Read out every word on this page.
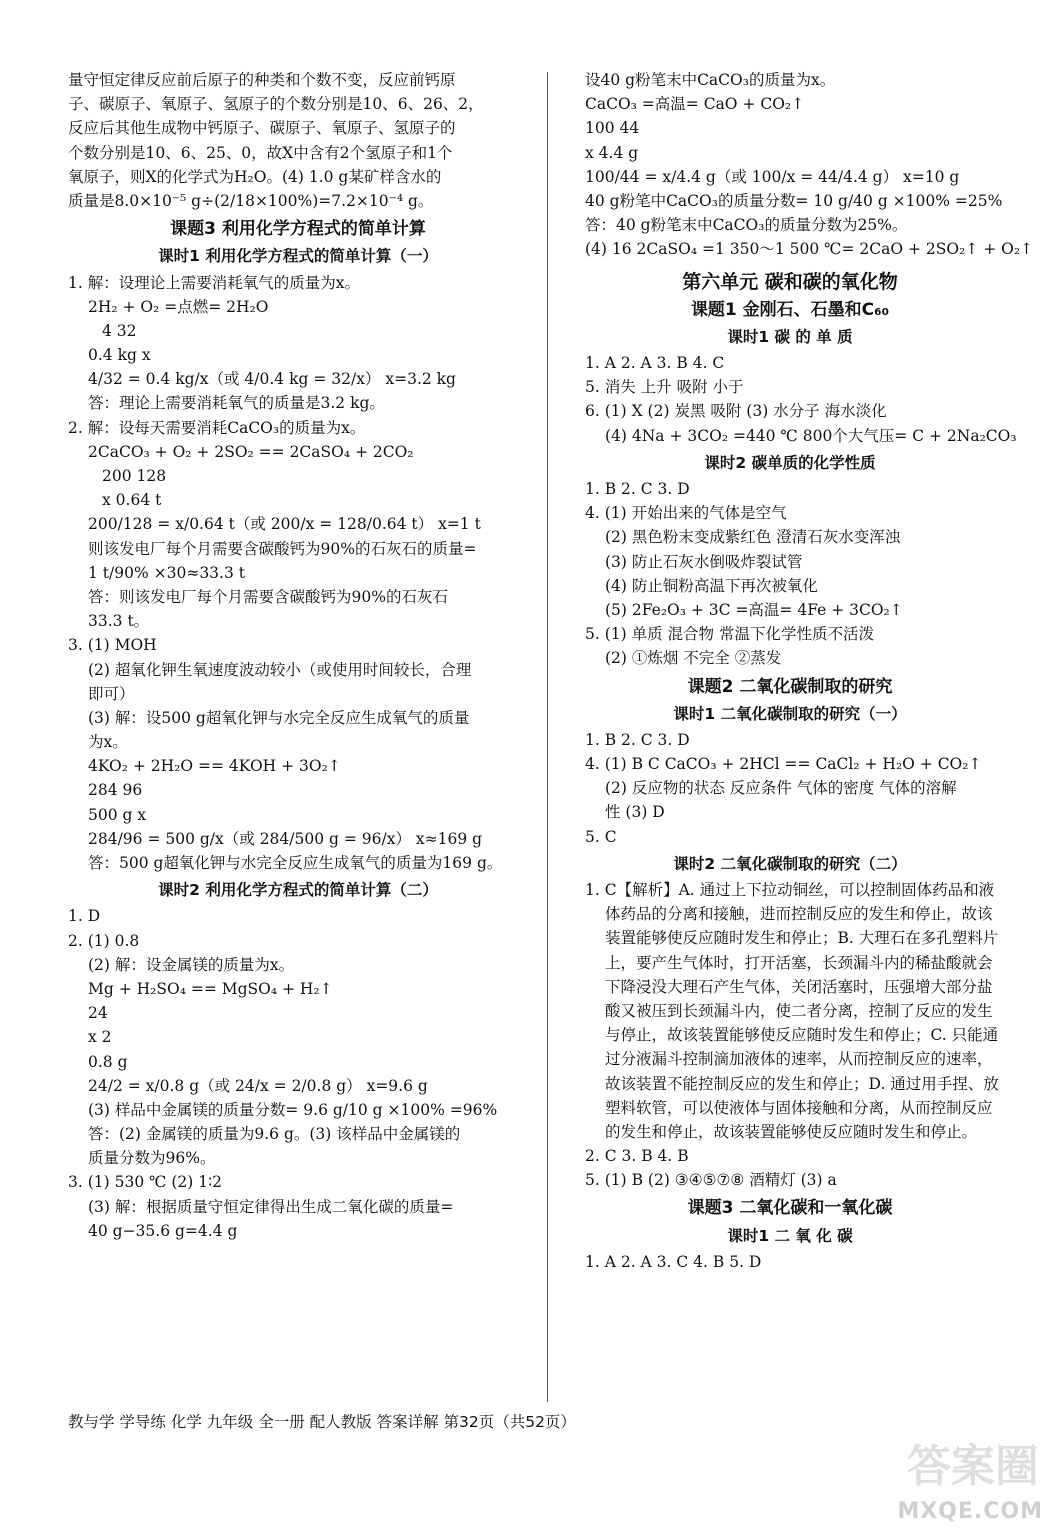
量守恒定律反应前后原子的种类和个数不变，反应前钙原
子、碳原子、氧原子、氢原子的个数分别是10、6、26、2，
反应后其他生成物中钙原子、碳原子、氧原子、氢原子的
个数分别是10、6、25、0，故X中含有2个氢原子和1个
氧原子，则X的化学式为H₂O。(4) 1.0 g某矿样含水的
质量是8.0×10⁻⁵ g÷(2/18×100%)=7.2×10⁻⁴ g。
课题3 利用化学方程式的简单计算
课时1 利用化学方程式的简单计算（一）
1. 解：设理论上需要消耗氧气的质量为x。
2H₂ + O₂ =点燃= 2H₂O
4 32
0.4 kg x
4/32 = 0.4 kg/x（或 4/0.4 kg = 32/x） x=3.2 kg
答：理论上需要消耗氧气的质量是3.2 kg。
2. 解：设每天需要消耗CaCO₃的质量为x。
2CaCO₃ + O₂ + 2SO₂ == 2CaSO₄ + 2CO₂
200 128
x 0.64 t
200/128 = x/0.64 t（或 200/x = 128/0.64 t） x=1 t
则该发电厂每个月需要含碳酸钙为90%的石灰石的质量=
1 t/90% ×30≈33.3 t
答：则该发电厂每个月需要含碳酸钙为90%的石灰石
33.3 t。
3. (1) MOH
(2) 超氧化钾生氧速度波动较小（或使用时间较长，合理
即可）
(3) 解：设500 g超氧化钾与水完全反应生成氧气的质量
为x。
4KO₂ + 2H₂O == 4KOH + 3O₂↑
284 96
500 g x
284/96 = 500 g/x（或 284/500 g = 96/x） x≈169 g
答：500 g超氧化钾与水完全反应生成氧气的质量为169 g。
课时2 利用化学方程式的简单计算（二）
1. D
2. (1) 0.8
(2) 解：设金属镁的质量为x。
Mg + H₂SO₄ == MgSO₄ + H₂↑
24
x 2
0.8 g
24/2 = x/0.8 g（或 24/x = 2/0.8 g） x=9.6 g
(3) 样品中金属镁的质量分数= 9.6 g/10 g ×100% =96%
答：(2) 金属镁的质量为9.6 g。(3) 该样品中金属镁的
质量分数为96%。
3. (1) 530 ℃ (2) 1∶2
(3) 解：根据质量守恒定律得出生成二氧化碳的质量=
40 g−35.6 g=4.4 g
设40 g粉笔末中CaCO₃的质量为x。
CaCO₃ =高温= CaO + CO₂↑
100 44
x 4.4 g
100/44 = x/4.4 g（或 100/x = 44/4.4 g） x=10 g
40 g粉笔中CaCO₃的质量分数= 10 g/40 g ×100% =25%
答：40 g粉笔末中CaCO₃的质量分数为25%。
(4) 16 2CaSO₄ =1 350～1 500 ℃= 2CaO + 2SO₂↑ + O₂↑
第六单元 碳和碳的氧化物
课题1 金刚石、石墨和C₆₀
课时1 碳 的 单 质
1. A 2. A 3. B 4. C
5. 消失 上升 吸附 小于
6. (1) X (2) 炭黑 吸附 (3) 水分子 海水淡化
(4) 4Na + 3CO₂ =440 ℃ 800个大气压= C + 2Na₂CO₃
课时2 碳单质的化学性质
1. B 2. C 3. D
4. (1) 开始出来的气体是空气
(2) 黑色粉末变成紫红色 澄清石灰水变浑浊
(3) 防止石灰水倒吸炸裂试管
(4) 防止铜粉高温下再次被氧化
(5) 2Fe₂O₃ + 3C =高温= 4Fe + 3CO₂↑
5. (1) 单质 混合物 常温下化学性质不活泼
(2) ①炼烟 不完全 ②蒸发
课题2 二氧化碳制取的研究
课时1 二氧化碳制取的研究（一）
1. B 2. C 3. D
4. (1) B C CaCO₃ + 2HCl == CaCl₂ + H₂O + CO₂↑
(2) 反应物的状态 反应条件 气体的密度 气体的溶解
性 (3) D
5. C
课时2 二氧化碳制取的研究（二）
1. C【解析】A. 通过上下拉动铜丝，可以控制固体药品和液
体药品的分离和接触，进而控制反应的发生和停止，故该
装置能够使反应随时发生和停止；B. 大理石在多孔塑料片
上，要产生气体时，打开活塞，长颈漏斗内的稀盐酸就会
下降浸没大理石产生气体，关闭活塞时，压强增大部分盐
酸又被压到长颈漏斗内，使二者分离，控制了反应的发生
与停止，故该装置能够使反应随时发生和停止；C. 只能通
过分液漏斗控制滴加液体的速率，从而控制反应的速率，
故该装置不能控制反应的发生和停止；D. 通过用手捏、放
塑料软管，可以使液体与固体接触和分离，从而控制反应
的发生和停止，故该装置能够使反应随时发生和停止。
2. C 3. B 4. B
5. (1) B (2) ③④⑤⑦⑧ 酒精灯 (3) a
课题3 二氧化碳和一氧化碳
课时1 二 氧 化 碳
1. A 2. A 3. C 4. B 5. D
教与学 学导练 化学 九年级 全一册 配人教版 答案详解 第32页（共52页）
答案圈
MXQE.COM
